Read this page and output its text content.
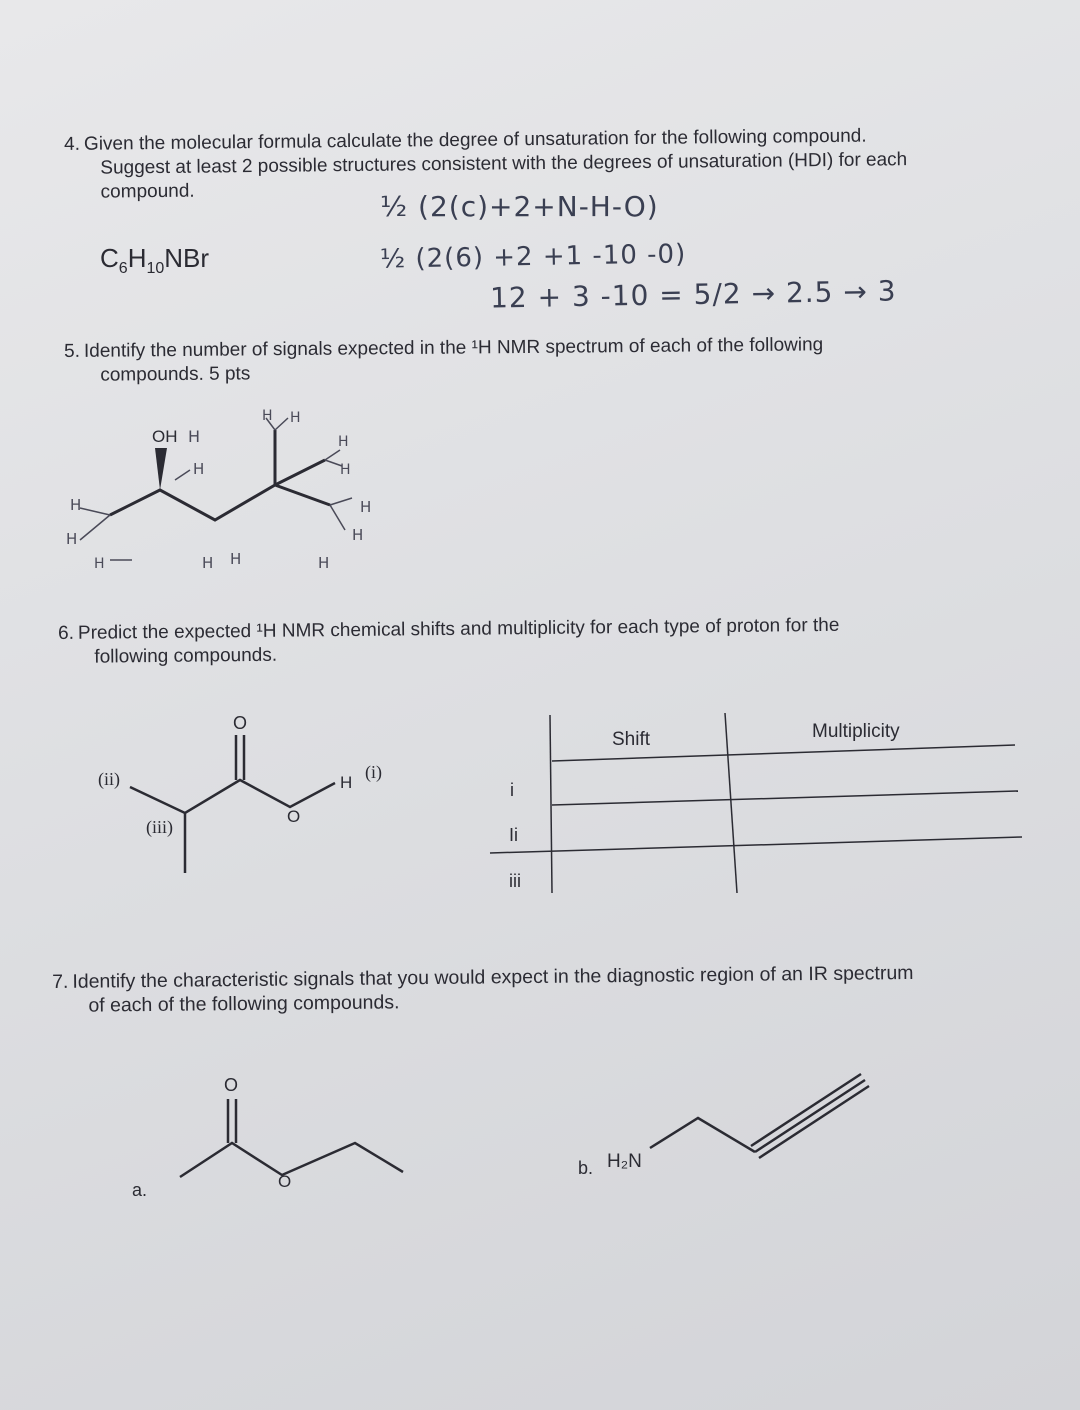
4. Given the molecular formula calculate the degree of unsaturation for the following compound.
Suggest at least 2 possible structures consistent with the degrees of unsaturation (HDI) for each
compound.
$C_6H_{10}NBr$
½ (2(c)+2+N-H-O)
½ (2(6) +2 +1 -10 -0)
12 + 3 -10 = 5/2 → 2.5 → 3
5. Identify the number of signals expected in the ¹H NMR spectrum of each of the following
compounds. 5 pts
OH H
H
H
H
H	H H	H
H
H
H
H
H H
6. Predict the expected ¹H NMR chemical shifts and multiplicity for each type of proton for the
following compounds.
(ii)
(iii)
O
O
H
(i)
Shift	Multiplicity
i
Ii
iii
7. Identify the characteristic signals that you would expect in the diagnostic region of an IR spectrum
of each of the following compounds.
a.
O
O
b. H₂N
